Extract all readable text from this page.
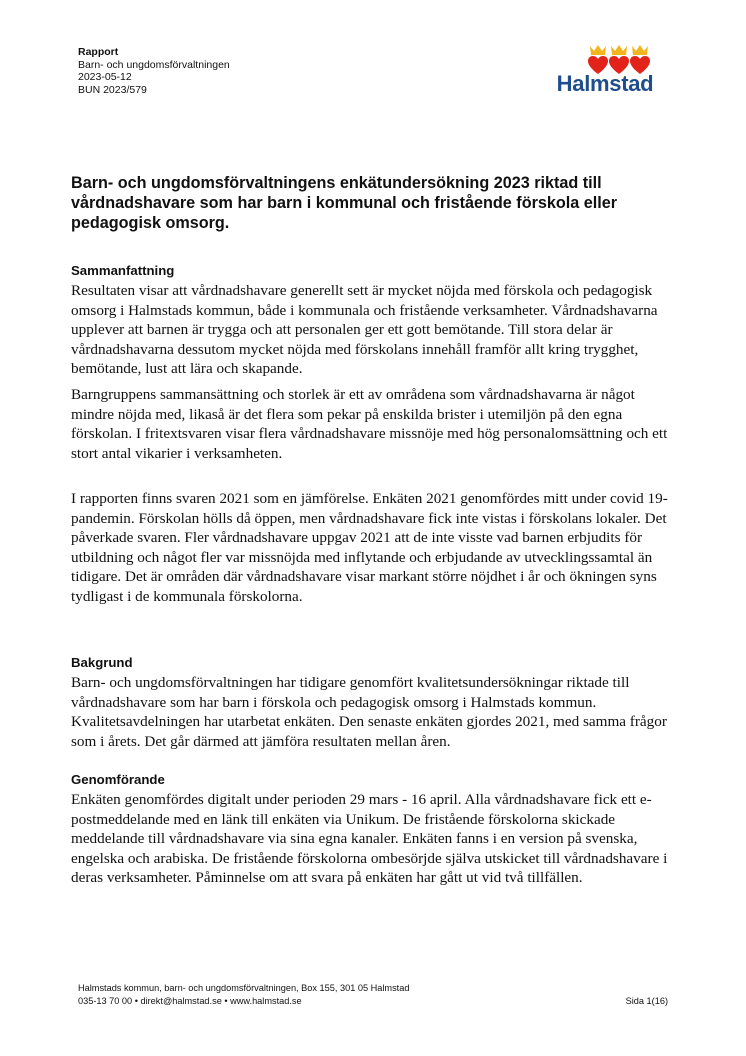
Rapport
Barn- och ungdomsförvaltningen
2023-05-12
BUN 2023/579	Halmstad
Barn- och ungdomsförvaltningens enkätundersökning 2023 riktad till vårdnadshavare som har barn i kommunal och fristående förskola eller pedagogisk omsorg.
Sammanfattning
Resultaten visar att vårdnadshavare generellt sett är mycket nöjda med förskola och pedagogisk omsorg i Halmstads kommun, både i kommunala och fristående verksamheter. Vårdnadshavarna upplever att barnen är trygga och att personalen ger ett gott bemötande. Till stora delar är vårdnadshavarna dessutom mycket nöjda med förskolans innehåll framför allt kring trygghet, bemötande, lust att lära och skapande.
Barngruppens sammansättning och storlek är ett av områdena som vårdnadshavarna är något mindre nöjda med, likaså är det flera som pekar på enskilda brister i utemiljön på den egna förskolan. I fritextsvaren visar flera vårdnadshavare missnöje med hög personalomsättning och ett stort antal vikarier i verksamheten.
I rapporten finns svaren 2021 som en jämförelse. Enkäten 2021 genomfördes mitt under covid 19-pandemin. Förskolan hölls då öppen, men vårdnadshavare fick inte vistas i förskolans lokaler. Det påverkade svaren. Fler vårdnadshavare uppgav 2021 att de inte visste vad barnen erbjudits för utbildning och något fler var missnöjda med inflytande och erbjudande av utvecklingssamtal än tidigare. Det är områden där vårdnadshavare visar markant större nöjdhet i år och ökningen syns tydligast i de kommunala förskolorna.
Bakgrund
Barn- och ungdomsförvaltningen har tidigare genomfört kvalitetsundersökningar riktade till vårdnadshavare som har barn i förskola och pedagogisk omsorg i Halmstads kommun. Kvalitetsavdelningen har utarbetat enkäten. Den senaste enkäten gjordes 2021, med samma frågor som i årets. Det går därmed att jämföra resultaten mellan åren.
Genomförande
Enkäten genomfördes digitalt under perioden 29 mars - 16 april. Alla vårdnadshavare fick ett e-postmeddelande med en länk till enkäten via Unikum. De fristående förskolorna skickade meddelande till vårdnadshavare via sina egna kanaler. Enkäten fanns i en version på svenska, engelska och arabiska. De fristående förskolorna ombesörjde själva utskicket till vårdnadshavare i deras verksamheter. Påminnelse om att svara på enkäten har gått ut vid två tillfällen.
Halmstads kommun, barn- och ungdomsförvaltningen, Box 155, 301 05 Halmstad
035-13 70 00 • direkt@halmstad.se • www.halmstad.se	Sida 1(16)
